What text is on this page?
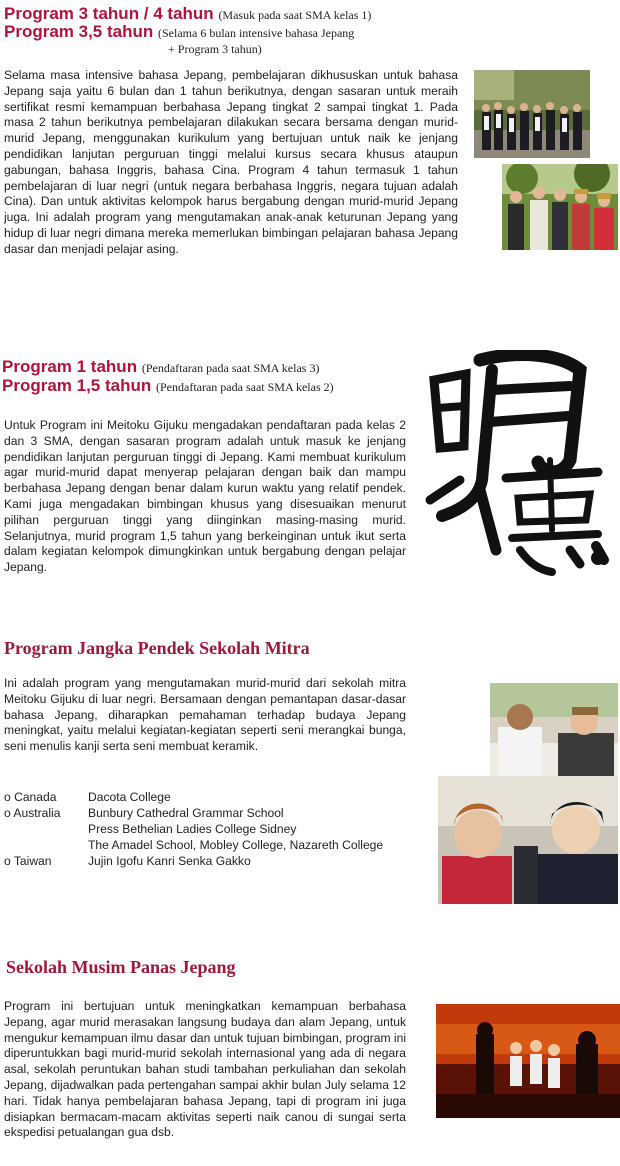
Program 3 tahun / 4 tahun (Masuk pada saat SMA kelas 1)
Program 3,5 tahun (Selama 6 bulan intensive bahasa Jepang
+ Program 3 tahun)

Selama masa intensive bahasa Jepang, pembelajaran dikhususkan untuk bahasa Jepang saja yaitu 6 bulan dan 1 tahun berikutnya, dengan sasaran untuk meraih sertifikat resmi kemampuan berbahasa Jepang tingkat 2 sampai tingkat 1. Pada masa 2 tahun berikutnya pembelajaran dilakukan secara bersama dengan murid-murid Jepang, menggunakan kurikulum yang bertujuan untuk naik ke jenjang pendidikan lanjutan perguruan tinggi melalui kursus secara khusus ataupun gabungan, bahasa Inggris, bahasa Cina. Program 4 tahun termasuk 1 tahun pembelajaran di luar negri (untuk negara berbahasa Inggris, negara tujuan adalah Cina). Dan untuk aktivitas kelompok harus bergabung dengan murid-murid Jepang juga. Ini adalah program yang mengutamakan anak-anak keturunan Jepang yang hidup di luar negri dimana mereka memerlukan bimbingan pelajaran bahasa Jepang dasar dan menjadi pelajar asing.

Program 1 tahun (Pendaftaran pada saat SMA kelas 3)
Program 1,5 tahun (Pendaftaran pada saat SMA kelas 2)

Untuk Program ini Meitoku Gijuku mengadakan pendaftaran pada kelas 2 dan 3 SMA, dengan sasaran program adalah untuk masuk ke jenjang pendidikan lanjutan perguruan tinggi di Jepang. Kami membuat kurikulum agar murid-murid dapat menyerap pelajaran dengan baik dan mampu berbahasa Jepang dengan benar dalam kurun waktu yang relatif pendek. Kami juga mengadakan bimbingan khusus yang disesuaikan menurut pilihan perguruan tinggi yang diinginkan masing-masing murid. Selanjutnya, murid program 1,5 tahun yang berkeinginan untuk ikut serta dalam kegiatan kelompok dimungkinkan untuk bergabung dengan pelajar Jepang.

明德
Program Jangka Pendek Sekolah Mitra

Ini adalah program yang mengutamakan murid-murid dari sekolah mitra Meitoku Gijuku di luar negri. Bersamaan dengan pemantapan dasar-dasar bahasa Jepang, diharapkan pemahaman terhadap budaya Jepang meningkat, yaitu melalui kegiatan-kegiatan seperti seni merangkai bunga, seni menulis kanji serta seni membuat keramik.

o Canada	Dacota College
o Australia	Bunbury Cathedral Grammar School
Press Bethelian Ladies College Sidney
The Amadel School, Mobley College, Nazareth College
o Taiwan	Jujin Igofu Kanri Senka Gakko
Sekolah Musim Panas Jepang

Program ini bertujuan untuk meningkatkan kemampuan berbahasa Jepang, agar murid merasakan langsung budaya dan alam Jepang, untuk mengukur kemampuan ilmu dasar dan untuk tujuan bimbingan, program ini diperuntukkan bagi murid-murid sekolah internasional yang ada di negara asal, sekolah peruntukan bahan studi tambahan perkuliahan dan sekolah Jepang, dijadwalkan pada pertengahan sampai akhir bulan July selama 12 hari. Tidak hanya pembelajaran bahasa Jepang, tapi di program ini juga disiapkan bermacam-macam aktivitas seperti naik canou di sungai serta ekspedisi petualangan gua dsb.
